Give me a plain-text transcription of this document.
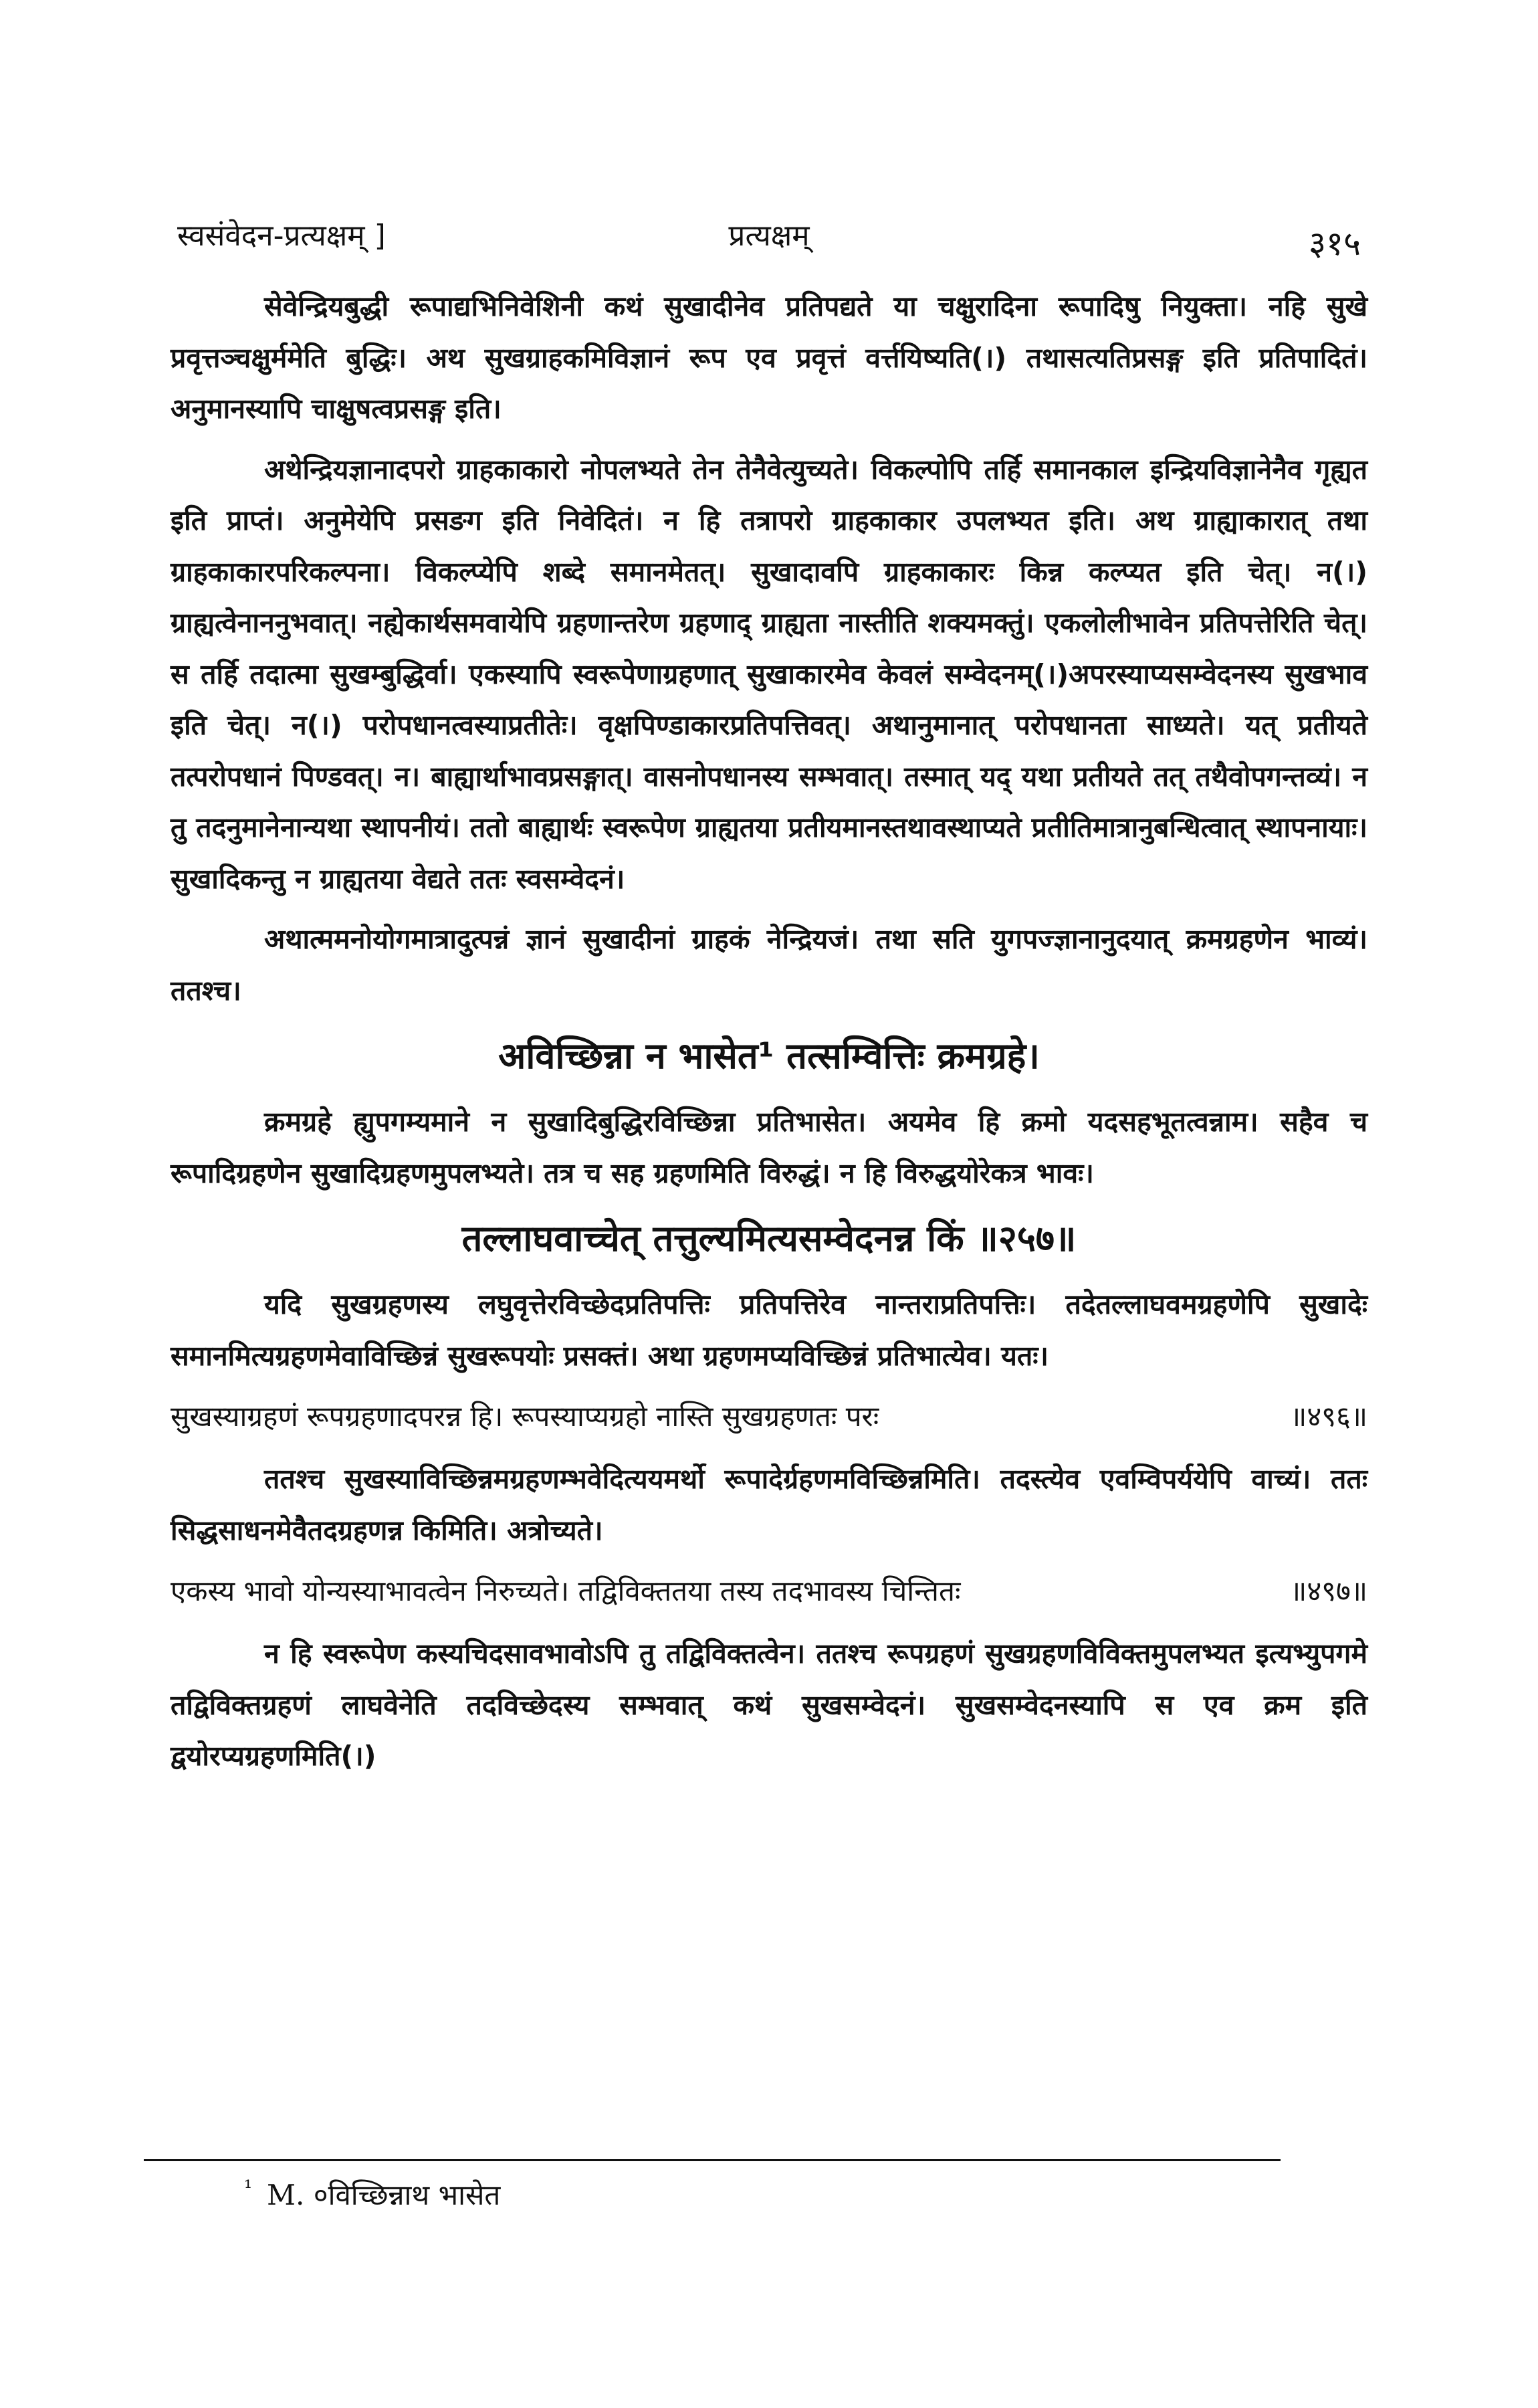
स्वसंवेदन-प्रत्यक्षम् ]	प्रत्यक्षम्	३१५

सेवेन्द्रियबुद्धी रूपाद्यभिनिवेशिनी कथं सुखादीनेव प्रतिपद्यते या चक्षुरादिना रूपादिषु नियुक्ता। नहि सुखे प्रवृत्तञ्चक्षुर्ममेति बुद्धिः। अथ सुखग्राहकमिविज्ञानं रूप एव प्रवृत्तं वर्त्तयिष्यति(।) तथासत्यतिप्रसङ्ग इति प्रतिपादितं। अनुमानस्यापि चाक्षुषत्वप्रसङ्ग इति।

अथेन्द्रियज्ञानादपरो ग्राहकाकारो नोपलभ्यते तेन तेनैवेत्युच्यते। विकल्पोपि तर्हि समानकाल इन्द्रियविज्ञानेनैव गृह्यत इति प्राप्तं। अनुमेयेपि प्रसङग इति निवेदितं। न हि तत्रापरो ग्राहकाकार उपलभ्यत इति। अथ ग्राह्याकारात् तथा ग्राहकाकारपरिकल्पना। विकल्प्येपि शब्दे समानमेतत्। सुखादावपि ग्राहकाकारः किन्न कल्प्यत इति चेत्। न(।) ग्राह्यत्वेनाननुभवात्। नह्येकार्थसमवायेपि ग्रहणान्तरेण ग्रहणाद् ग्राह्यता नास्तीति शक्यमक्तुं। एकलोलीभावेन प्रतिपत्तेरिति चेत्। स तर्हि तदात्मा सुखम्बुद्धिर्वा। एकस्यापि स्वरूपेणाग्रहणात् सुखाकारमेव केवलं सम्वेदनम्(।)अपरस्याप्यसम्वेदनस्य सुखभाव इति चेत्। न(।) परोपधानत्वस्याप्रतीतेः। वृक्षपिण्डाकारप्रतिपत्तिवत्। अथानुमानात् परोपधानता साध्यते। यत् प्रतीयते तत्परोपधानं पिण्डवत्। न। बाह्यार्थाभावप्रसङ्गात्। वासनोपधानस्य सम्भवात्। तस्मात् यद् यथा प्रतीयते तत् तथैवोपगन्तव्यं। न तु तदनुमानेनान्यथा स्थापनीयं। ततो बाह्यार्थः स्वरूपेण ग्राह्यतया प्रतीयमानस्तथावस्थाप्यते प्रतीतिमात्रानुबन्धित्वात् स्थापनायाः। सुखादिकन्तु न ग्राह्यतया वेद्यते ततः स्वसम्वेदनं।

अथात्ममनोयोगमात्रादुत्पन्नं ज्ञानं सुखादीनां ग्राहकं नेन्द्रियजं। तथा सति युगपज्ज्ञानानुदयात् क्रमग्रहणेन भाव्यं। ततश्च।

अविच्छिन्ना न भासेत¹ तत्सम्वित्तिः क्रमग्रहे।

क्रमग्रहे ह्युपगम्यमाने न सुखादिबुद्धिरविच्छिन्ना प्रतिभासेत। अयमेव हि क्रमो यदसहभूतत्वन्नाम। सहैव च रूपादिग्रहणेन सुखादिग्रहणमुपलभ्यते। तत्र च सह ग्रहणमिति विरुद्धं। न हि विरुद्धयोरेकत्र भावः।

तल्लाघवाच्चेत् तत्तुल्यमित्यसम्वेदनन्न किं ॥२५७॥

यदि सुखग्रहणस्य लघुवृत्तेरविच्छेदप्रतिपत्तिः प्रतिपत्तिरेव नान्तराप्रतिपत्तिः। तदेतल्लाघवमग्रहणेपि सुखादेः समानमित्यग्रहणमेवाविच्छिन्नं सुखरूपयोः प्रसक्तं। अथा ग्रहणमप्यविच्छिन्नं प्रतिभात्येव। यतः।

॥४९६॥
सुखस्याग्रहणं रूपग्रहणादपरन्न हि। रूपस्याप्यग्रहो नास्ति सुखग्रहणतः परः

ततश्च सुखस्याविच्छिन्नमग्रहणम्भवेदित्ययमर्थो रूपादेर्ग्रहणमविच्छिन्नमिति। तदस्त्येव एवम्विपर्ययेपि वाच्यं। ततः सिद्धसाधनमेवैतदग्रहणन्न किमिति। अत्रोच्यते।

॥४९७॥
एकस्य भावो योन्यस्याभावत्वेन निरुच्यते। तद्विविक्ततया तस्य तदभावस्य चिन्तितः

न हि स्वरूपेण कस्यचिदसावभावोऽपि तु तद्विविक्तत्वेन। ततश्च रूपग्रहणं सुखग्रहणविविक्तमुपलभ्यत इत्यभ्युपगमे तद्विविक्तग्रहणं लाघवेनेति तदविच्छेदस्य सम्भवात् कथं सुखसम्वेदनं। सुखसम्वेदनस्यापि स एव क्रम इति द्वयोरप्यग्रहणमिति(।)

$^{^1}$ M. ०विच्छिन्नाथ भासेत
